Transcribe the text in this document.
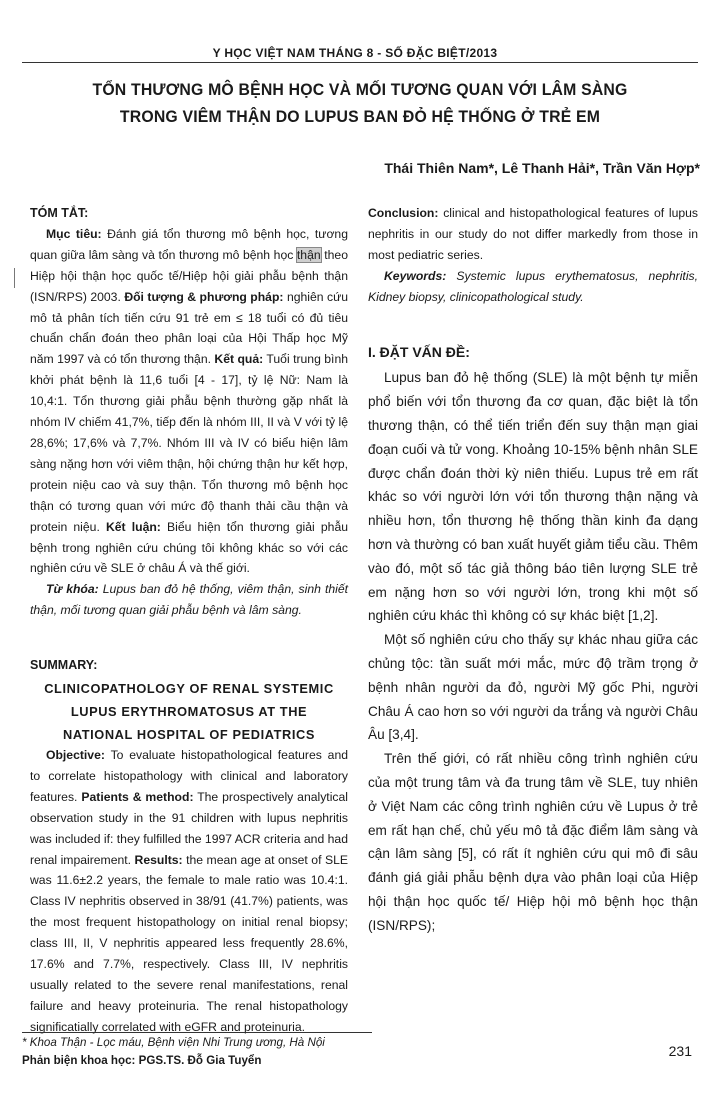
Y HỌC VIỆT NAM THÁNG 8 - SỐ ĐẶC BIỆT/2013
TỔN THƯƠNG MÔ BỆNH HỌC VÀ MỐI TƯƠNG QUAN VỚI LÂM SÀNG
TRONG VIÊM THẬN DO LUPUS BAN ĐỎ HỆ THỐNG Ở TRẺ EM
Thái Thiên Nam*, Lê Thanh Hải*, Trần Văn Hợp*
TÓM TẮT:

Mục tiêu: Đánh giá tổn thương mô bệnh học, tương quan giữa lâm sàng và tổn thương mô bệnh học thận theo Hiệp hội thận học quốc tế/Hiệp hội giải phẫu bệnh thận (ISN/RPS) 2003. Đối tượng & phương pháp: nghiên cứu mô tả phân tích tiến cứu 91 trẻ em ≤ 18 tuổi có đủ tiêu chuẩn chẩn đoán theo phân loại của Hội Thấp học Mỹ năm 1997 và có tổn thương thận. Kết quả: Tuổi trung bình khởi phát bệnh là 11,6 tuổi [4 - 17], tỷ lệ Nữ: Nam là 10,4:1. Tổn thương giải phẫu bệnh thường gặp nhất là nhóm IV chiếm 41,7%, tiếp đến là nhóm III, II và V với tỷ lệ 28,6%; 17,6% và 7,7%. Nhóm III và IV có biểu hiện lâm sàng nặng hơn với viêm thận, hội chứng thận hư kết hợp, protein niệu cao và suy thận. Tổn thương mô bệnh học thận có tương quan với mức độ thanh thải cầu thận và protein niệu. Kết luận: Biểu hiện tổn thương giải phẫu bệnh trong nghiên cứu chúng tôi không khác so với các nghiên cứu về SLE ở châu Á và thế giới.

Từ khóa: Lupus ban đỏ hệ thống, viêm thận, sinh thiết thận, mối tương quan giải phẫu bệnh và lâm sàng.

SUMMARY:
CLINICOPATHOLOGY OF RENAL SYSTEMIC
LUPUS ERYTHROMATOSUS AT THE
NATIONAL HOSPITAL OF PEDIATRICS

Objective: To evaluate histopathological features and to correlate histopathology with clinical and laboratory features. Patients & method: The prospectively analytical observation study in the 91 children with lupus nephritis was included if: they fulfilled the 1997 ACR criteria and had renal impairement. Results: the mean age at onset of SLE was 11.6±2.2 years, the female to male ratio was 10.4:1. Class IV nephritis observed in 38/91 (41.7%) patients, was the most frequent histopathology on initial renal biopsy; class III, II, V nephritis appeared less frequently 28.6%, 17.6% and 7.7%, respectively. Class III, IV nephritis usually related to the severe renal manifestations, renal failure and heavy proteinuria. The renal histopathology significatially correlated with eGFR and proteinuria.

Conclusion: clinical and histopathological features of lupus nephritis in our study do not differ markedly from those in most pediatric series.

Keywords: Systemic lupus erythematosus, nephritis, Kidney biopsy, clinicopathological study.

I. ĐẶT VẤN ĐỀ:

Lupus ban đỏ hệ thống (SLE) là một bệnh tự miễn phổ biến với tổn thương đa cơ quan, đặc biệt là tổn thương thận, có thể tiến triển đến suy thận mạn giai đoạn cuối và tử vong. Khoảng 10-15% bệnh nhân SLE được chẩn đoán thời kỳ niên thiếu. Lupus trẻ em rất khác so với người lớn với tổn thương thận nặng và nhiều hơn, tổn thương hệ thống thần kinh đa dạng hơn và thường có ban xuất huyết giảm tiểu cầu. Thêm vào đó, một số tác giả thông báo tiên lượng SLE trẻ em nặng hơn so với người lớn, trong khi một số nghiên cứu khác thì không có sự khác biệt [1,2].

Một số nghiên cứu cho thấy sự khác nhau giữa các chủng tộc: tần suất mới mắc, mức độ trầm trọng ở bệnh nhân người da đỏ, người Mỹ gốc Phi, người Châu Á cao hơn so với người da trắng và người Châu Âu [3,4].

Trên thế giới, có rất nhiều công trình nghiên cứu của một trung tâm và đa trung tâm về SLE, tuy nhiên ở Việt Nam các công trình nghiên cứu về Lupus ở trẻ em rất hạn chế, chủ yếu mô tả đặc điểm lâm sàng và cận lâm sàng [5], có rất ít nghiên cứu qui mô đi sâu đánh giá giải phẫu bệnh dựa vào phân loại của Hiệp hội thận học quốc tế/ Hiệp hội mô bệnh học thận (ISN/RPS);

* Khoa Thận - Lọc máu, Bệnh viện Nhi Trung ương, Hà Nội
Phản biện khoa học: PGS.TS. Đỗ Gia Tuyển
231
